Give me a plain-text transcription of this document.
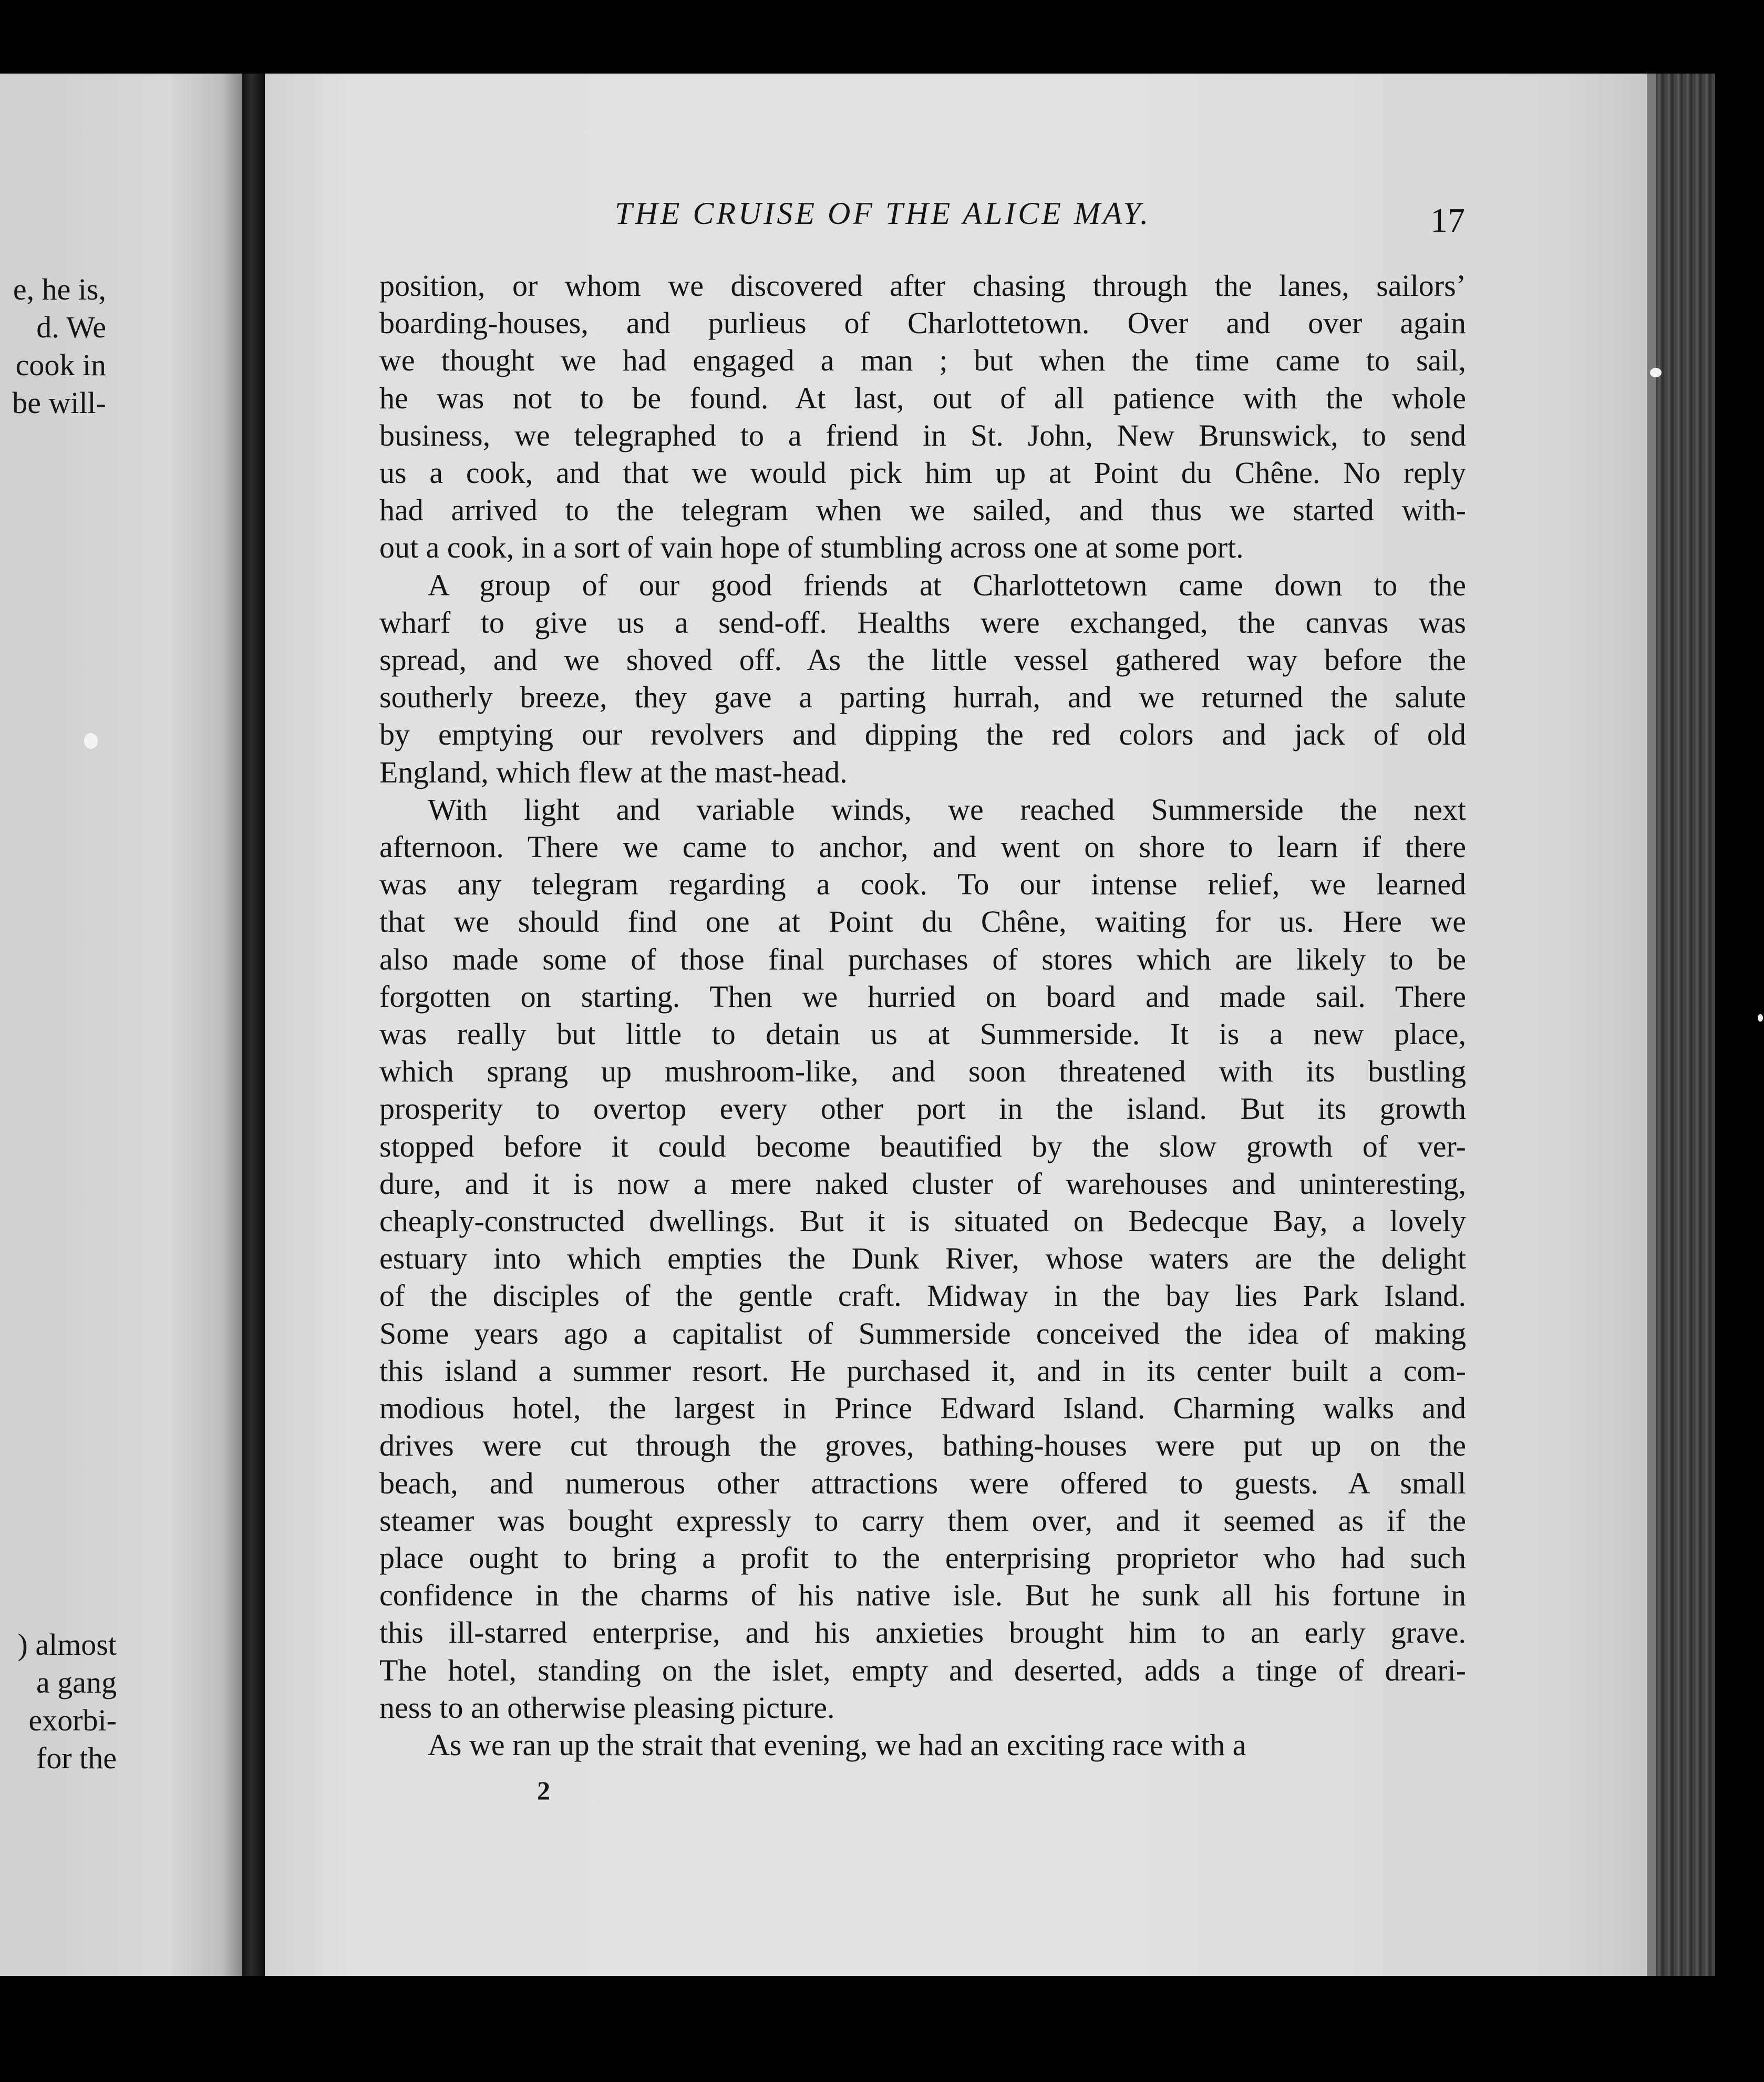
e, he is,
d. We
cook in
be will-
) almost
a gang
exorbi-
for the
THE CRUISE OF THE ALICE MAY.	17
position, or whom we discovered after chasing through the lanes, sailors’
boarding-houses, and purlieus of Charlottetown. Over and over again
we thought we had engaged a man ; but when the time came to sail,
he was not to be found. At last, out of all patience with the whole
business, we telegraphed to a friend in St. John, New Brunswick, to send
us a cook, and that we would pick him up at Point du Chêne. No reply
had arrived to the telegram when we sailed, and thus we started with-
out a cook, in a sort of vain hope of stumbling across one at some port.
A group of our good friends at Charlottetown came down to the
wharf to give us a send-off. Healths were exchanged, the canvas was
spread, and we shoved off. As the little vessel gathered way before the
southerly breeze, they gave a parting hurrah, and we returned the salute
by emptying our revolvers and dipping the red colors and jack of old
England, which flew at the mast-head.
With light and variable winds, we reached Summerside the next
afternoon. There we came to anchor, and went on shore to learn if there
was any telegram regarding a cook. To our intense relief, we learned
that we should find one at Point du Chêne, waiting for us. Here we
also made some of those final purchases of stores which are likely to be
forgotten on starting. Then we hurried on board and made sail. There
was really but little to detain us at Summerside. It is a new place,
which sprang up mushroom-like, and soon threatened with its bustling
prosperity to overtop every other port in the island. But its growth
stopped before it could become beautified by the slow growth of ver-
dure, and it is now a mere naked cluster of warehouses and uninteresting,
cheaply-constructed dwellings. But it is situated on Bedecque Bay, a lovely
estuary into which empties the Dunk River, whose waters are the delight
of the disciples of the gentle craft. Midway in the bay lies Park Island.
Some years ago a capitalist of Summerside conceived the idea of making
this island a summer resort. He purchased it, and in its center built a com-
modious hotel, the largest in Prince Edward Island. Charming walks and
drives were cut through the groves, bathing-houses were put up on the
beach, and numerous other attractions were offered to guests. A small
steamer was bought expressly to carry them over, and it seemed as if the
place ought to bring a profit to the enterprising proprietor who had such
confidence in the charms of his native isle. But he sunk all his fortune in
this ill-starred enterprise, and his anxieties brought him to an early grave.
The hotel, standing on the islet, empty and deserted, adds a tinge of dreari-
ness to an otherwise pleasing picture.
As we ran up the strait that evening, we had an exciting race with a
2
